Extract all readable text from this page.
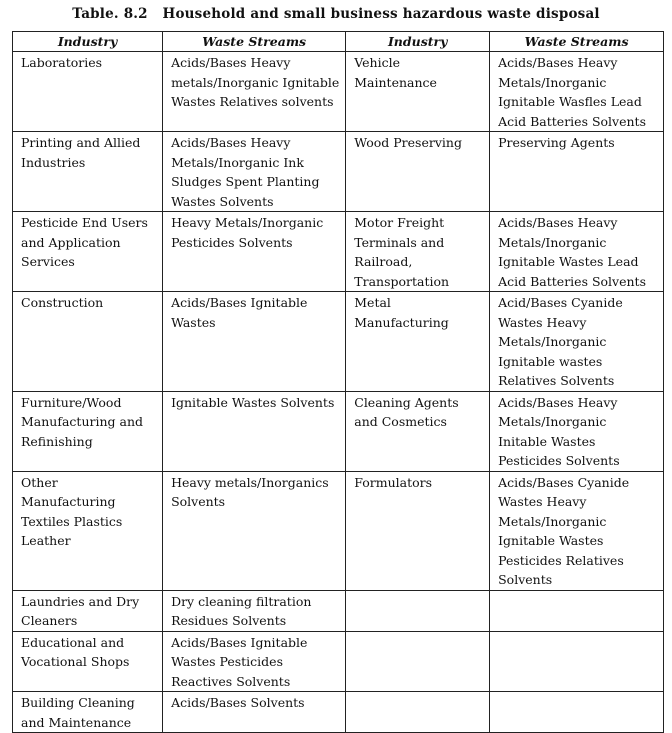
Table. 8.2 Household and small business hazardous waste disposal
Industry	Waste Streams	Industry	Waste Streams
Laboratories	Acids/Bases Heavy metals/Inorganic Ignitable Wastes Relatives solvents	Vehicle Maintenance	Acids/Bases Heavy Metals/Inorganic Ignitable Wasfles Lead Acid Batteries Solvents
Printing and Allied Industries	Acids/Bases Heavy Metals/Inorganic Ink Sludges Spent Planting Wastes Solvents	Wood Preserving	Preserving Agents
Pesticide End Users and Application Services	Heavy Metals/Inorganic Pesticides Solvents	Motor Freight Terminals and Railroad, Transportation	Acids/Bases Heavy Metals/Inorganic Ignitable Wastes Lead Acid Batteries Solvents
Construction	Acids/Bases Ignitable Wastes	Metal Manufacturing	Acid/Bases Cyanide Wastes Heavy Metals/Inorganic Ignitable wastes Relatives Solvents
Furniture/Wood Manufacturing and Refinishing	Ignitable Wastes Solvents	Cleaning Agents and Cosmetics	Acids/Bases Heavy Metals/Inorganic Initable Wastes Pesticides Solvents
Other Manufacturing Textiles Plastics Leather	Heavy metals/Inorganics Solvents	Formulators	Acids/Bases Cyanide Wastes Heavy Metals/Inorganic Ignitable Wastes Pesticides Relatives Solvents
Laundries and Dry Cleaners	Dry cleaning filtration Residues Solvents		
Educational and Vocational Shops	Acids/Bases Ignitable Wastes Pesticides Reactives Solvents		
Building Cleaning and Maintenance	Acids/Bases Solvents		
